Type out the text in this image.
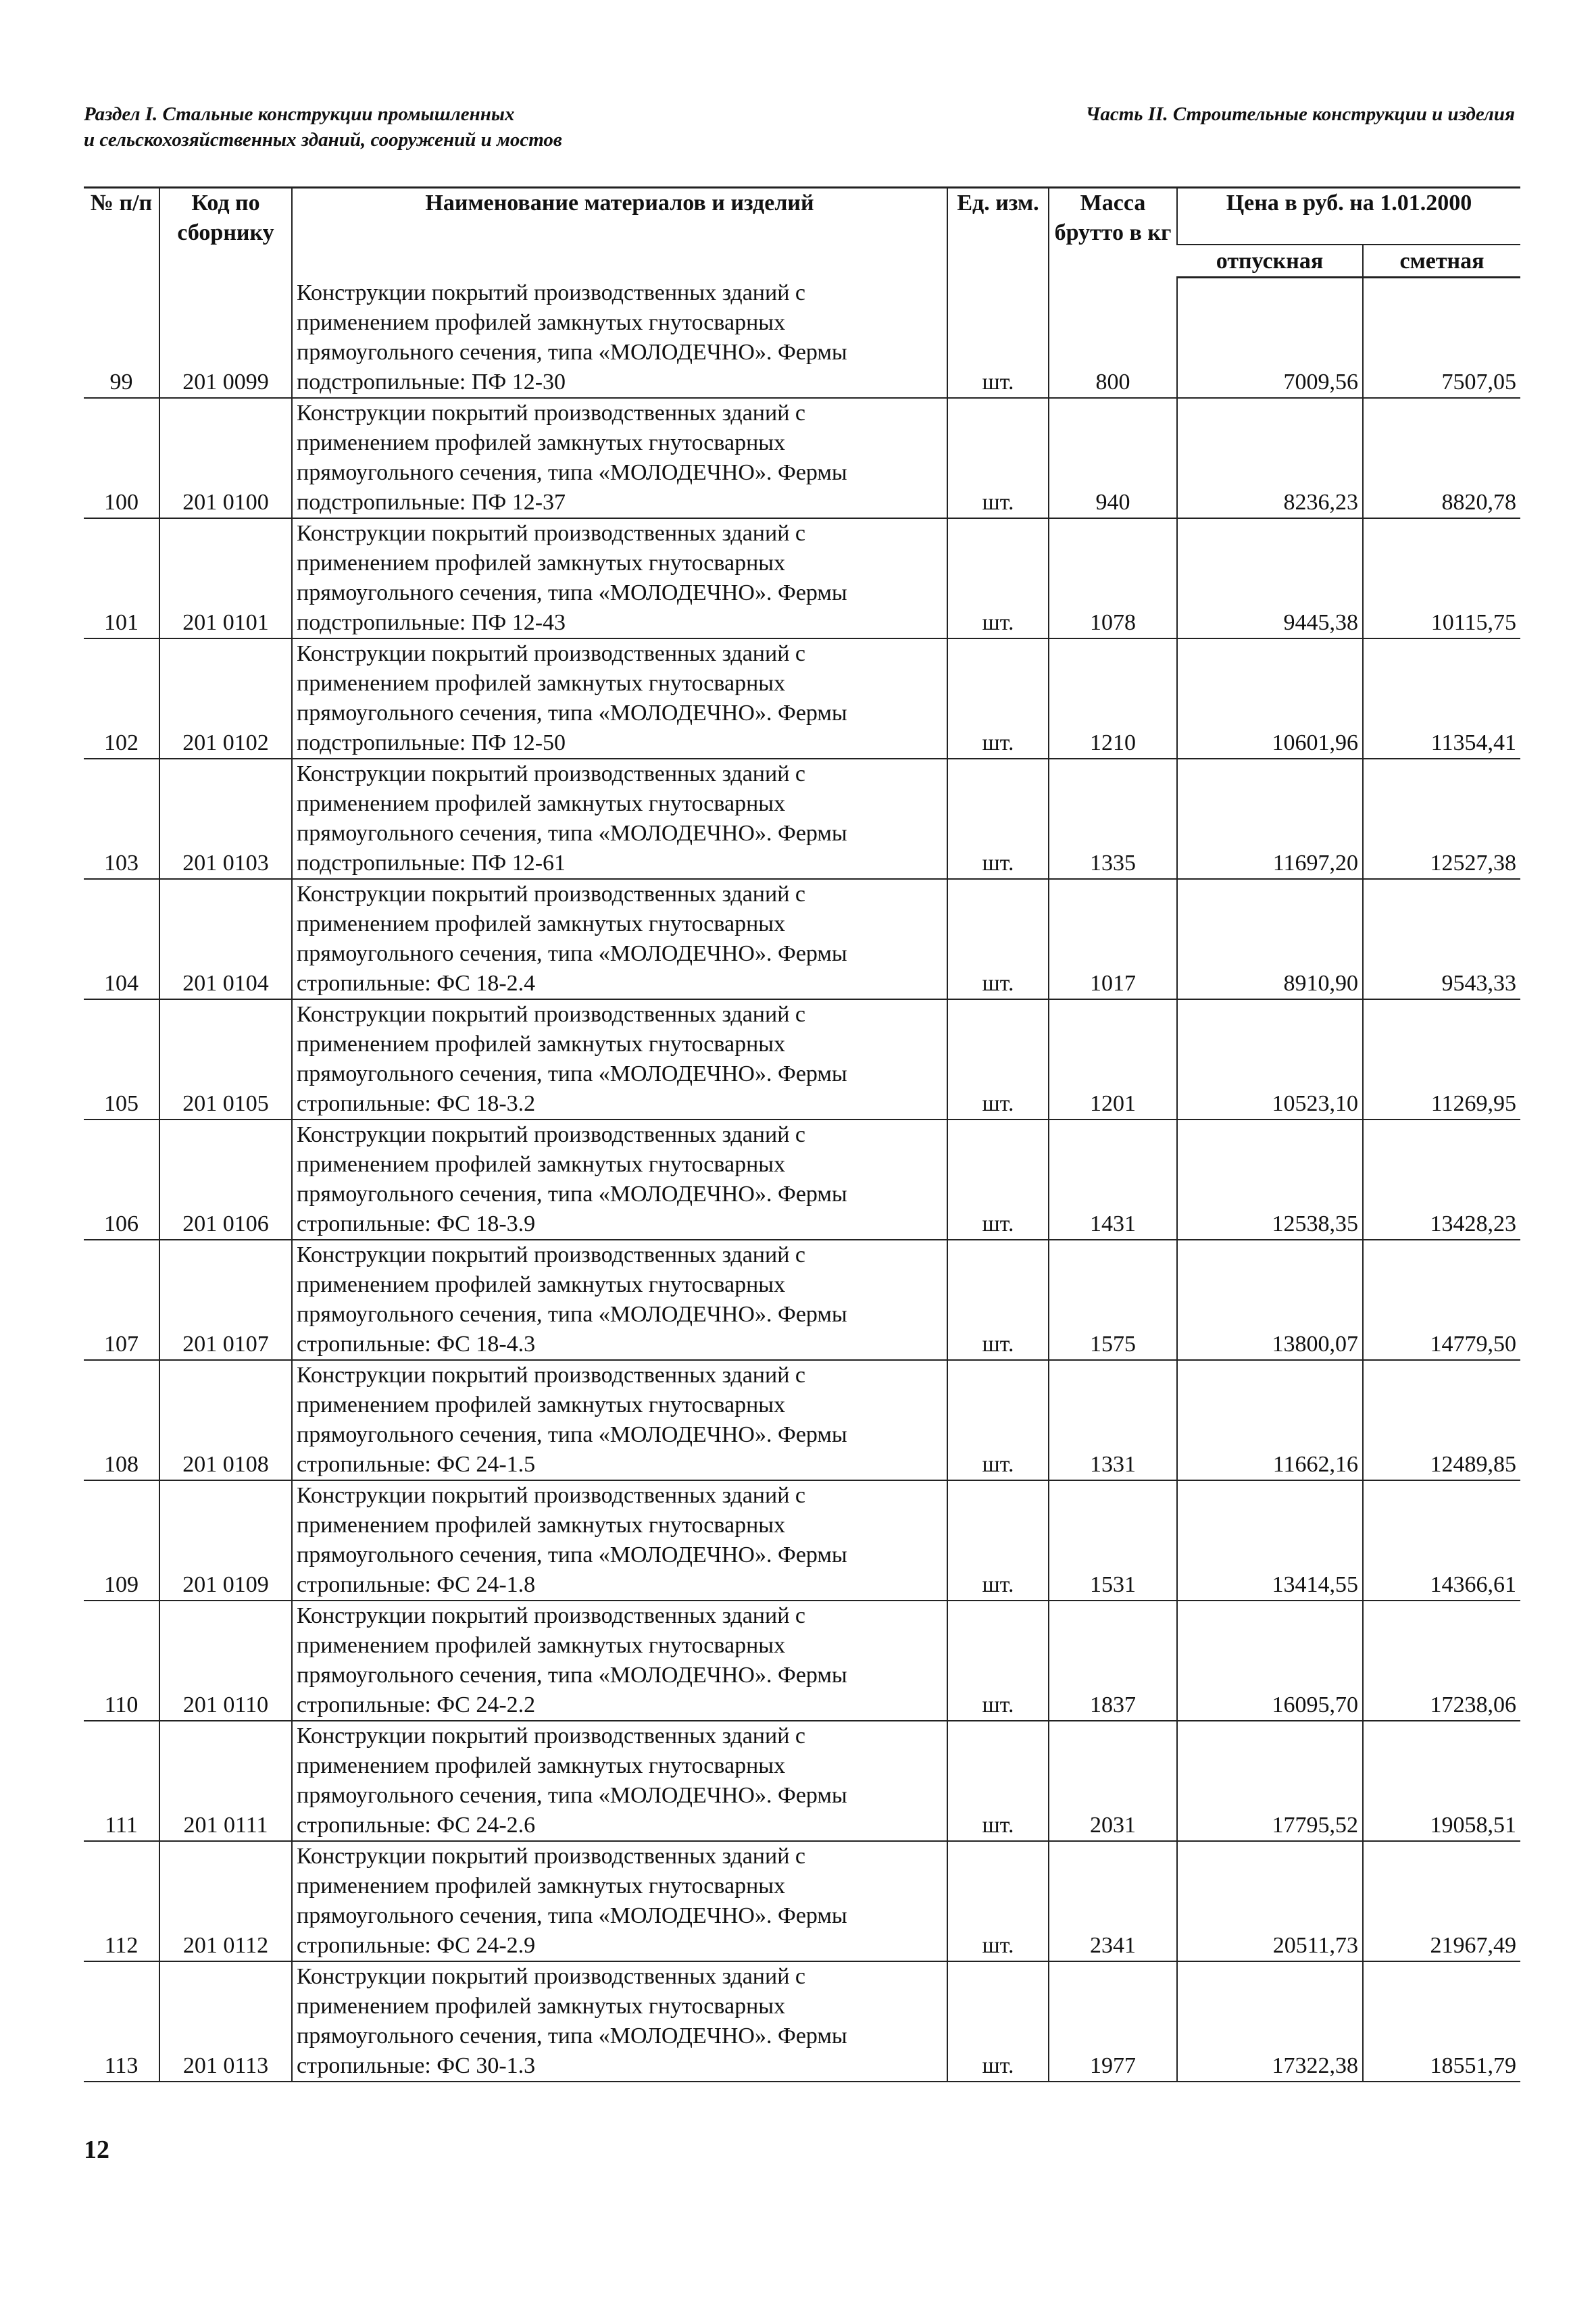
Раздел I. Стальные конструкции промышленных
и сельскохозяйственных зданий, сооружений и мостов
Часть II. Строительные конструкции и изделия
№ п/п	Код по сборнику	Наименование материалов и изделий	Ед. изм.	Масса брутто в кг	Цена в руб. на 1.01.2000	
					отпускная	сметная
99	201 0099	Конструкции покрытий производственных зданий с применением профилей замкнутых гнутосварных прямоугольного сечения, типа «МОЛОДЕЧНО». Фермы подстропильные: ПФ 12-30	шт.	800	7009,56	7507,05
100	201 0100	Конструкции покрытий производственных зданий с применением профилей замкнутых гнутосварных прямоугольного сечения, типа «МОЛОДЕЧНО». Фермы подстропильные: ПФ 12-37	шт.	940	8236,23	8820,78
101	201 0101	Конструкции покрытий производственных зданий с применением профилей замкнутых гнутосварных прямоугольного сечения, типа «МОЛОДЕЧНО». Фермы подстропильные: ПФ 12-43	шт.	1078	9445,38	10115,75
102	201 0102	Конструкции покрытий производственных зданий с применением профилей замкнутых гнутосварных прямоугольного сечения, типа «МОЛОДЕЧНО». Фермы подстропильные: ПФ 12-50	шт.	1210	10601,96	11354,41
103	201 0103	Конструкции покрытий производственных зданий с применением профилей замкнутых гнутосварных прямоугольного сечения, типа «МОЛОДЕЧНО». Фермы подстропильные: ПФ 12-61	шт.	1335	11697,20	12527,38
104	201 0104	Конструкции покрытий производственных зданий с применением профилей замкнутых гнутосварных прямоугольного сечения, типа «МОЛОДЕЧНО». Фермы стропильные: ФС 18-2.4	шт.	1017	8910,90	9543,33
105	201 0105	Конструкции покрытий производственных зданий с применением профилей замкнутых гнутосварных прямоугольного сечения, типа «МОЛОДЕЧНО». Фермы стропильные: ФС 18-3.2	шт.	1201	10523,10	11269,95
106	201 0106	Конструкции покрытий производственных зданий с применением профилей замкнутых гнутосварных прямоугольного сечения, типа «МОЛОДЕЧНО». Фермы стропильные: ФС 18-3.9	шт.	1431	12538,35	13428,23
107	201 0107	Конструкции покрытий производственных зданий с применением профилей замкнутых гнутосварных прямоугольного сечения, типа «МОЛОДЕЧНО». Фермы стропильные: ФС 18-4.3	шт.	1575	13800,07	14779,50
108	201 0108	Конструкции покрытий производственных зданий с применением профилей замкнутых гнутосварных прямоугольного сечения, типа «МОЛОДЕЧНО». Фермы стропильные: ФС 24-1.5	шт.	1331	11662,16	12489,85
109	201 0109	Конструкции покрытий производственных зданий с применением профилей замкнутых гнутосварных прямоугольного сечения, типа «МОЛОДЕЧНО». Фермы стропильные: ФС 24-1.8	шт.	1531	13414,55	14366,61
110	201 0110	Конструкции покрытий производственных зданий с применением профилей замкнутых гнутосварных прямоугольного сечения, типа «МОЛОДЕЧНО». Фермы стропильные: ФС 24-2.2	шт.	1837	16095,70	17238,06
111	201 0111	Конструкции покрытий производственных зданий с применением профилей замкнутых гнутосварных прямоугольного сечения, типа «МОЛОДЕЧНО». Фермы стропильные: ФС 24-2.6	шт.	2031	17795,52	19058,51
112	201 0112	Конструкции покрытий производственных зданий с применением профилей замкнутых гнутосварных прямоугольного сечения, типа «МОЛОДЕЧНО». Фермы стропильные: ФС 24-2.9	шт.	2341	20511,73	21967,49
113	201 0113	Конструкции покрытий производственных зданий с применением профилей замкнутых гнутосварных прямоугольного сечения, типа «МОЛОДЕЧНО». Фермы стропильные: ФС 30-1.3	шт.	1977	17322,38	18551,79
12
